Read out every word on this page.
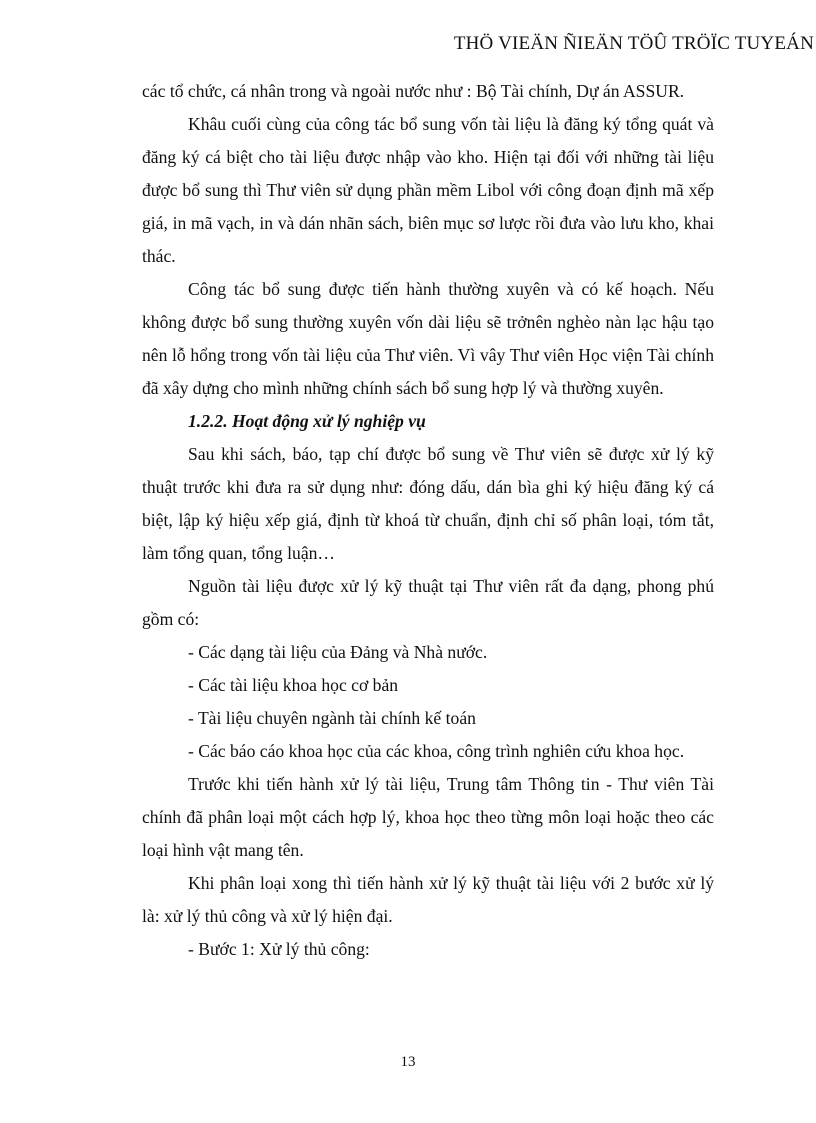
THÖ VIEÄN ÑIEÄN TÖÛ TRÖÏC TUYEÁN

các tổ chức, cá nhân trong và ngoài nước như : Bộ Tài chính, Dự án ASSUR.

Khâu cuối cùng của công tác bổ sung vốn tài liệu là đăng ký tổng quát và đăng ký cá biệt cho tài liệu được nhập vào kho. Hiện tại đối với những tài liệu được bổ sung thì Thư viên sử dụng phần mềm Libol với công đoạn định mã xếp giá, in mã vạch, in và dán nhãn sách, biên mục sơ lược rồi đưa vào lưu kho, khai thác.

Công tác bổ sung được tiến hành thường xuyên và có kế hoạch. Nếu không được bổ sung thường xuyên vốn dài liệu sẽ trởnên nghèo nàn lạc hậu tạo nên lỗ hổng trong vốn tài liệu của Thư viên. Vì vây Thư viên Học viện Tài chính đã xây dựng cho mình những chính sách bổ sung hợp lý và thường xuyên.

1.2.2. Hoạt động xử lý nghiệp vụ

Sau khi sách, báo, tạp chí được bổ sung về Thư viên sẽ được xử lý kỹ thuật trước khi đưa ra sử dụng như: đóng dấu, dán bìa ghi ký hiệu đăng ký cá biệt, lập ký hiệu xếp giá, định từ khoá từ chuẩn, định chỉ số phân loại, tóm tắt, làm tổng quan, tổng luận…

Nguồn tài liệu được xử lý kỹ thuật tại Thư viên rất đa dạng, phong phú gồm có:

- Các dạng tài liệu của Đảng và Nhà nước.

- Các tài liệu khoa học cơ bản

- Tài liệu chuyên ngành tài chính kế toán

- Các báo cáo khoa học của các khoa, công trình nghiên cứu khoa học.

Trước khi tiến hành xử lý tài liệu, Trung tâm Thông tin - Thư viên Tài chính đã phân loại một cách hợp lý, khoa học theo từng môn loại hoặc theo các loại hình vật mang tên.

Khi phân loại xong thì tiến hành xử lý kỹ thuật tài liệu với 2 bước xử lý là: xử lý thủ công và xử lý hiện đại.

- Bước 1: Xử lý thủ công:

13
